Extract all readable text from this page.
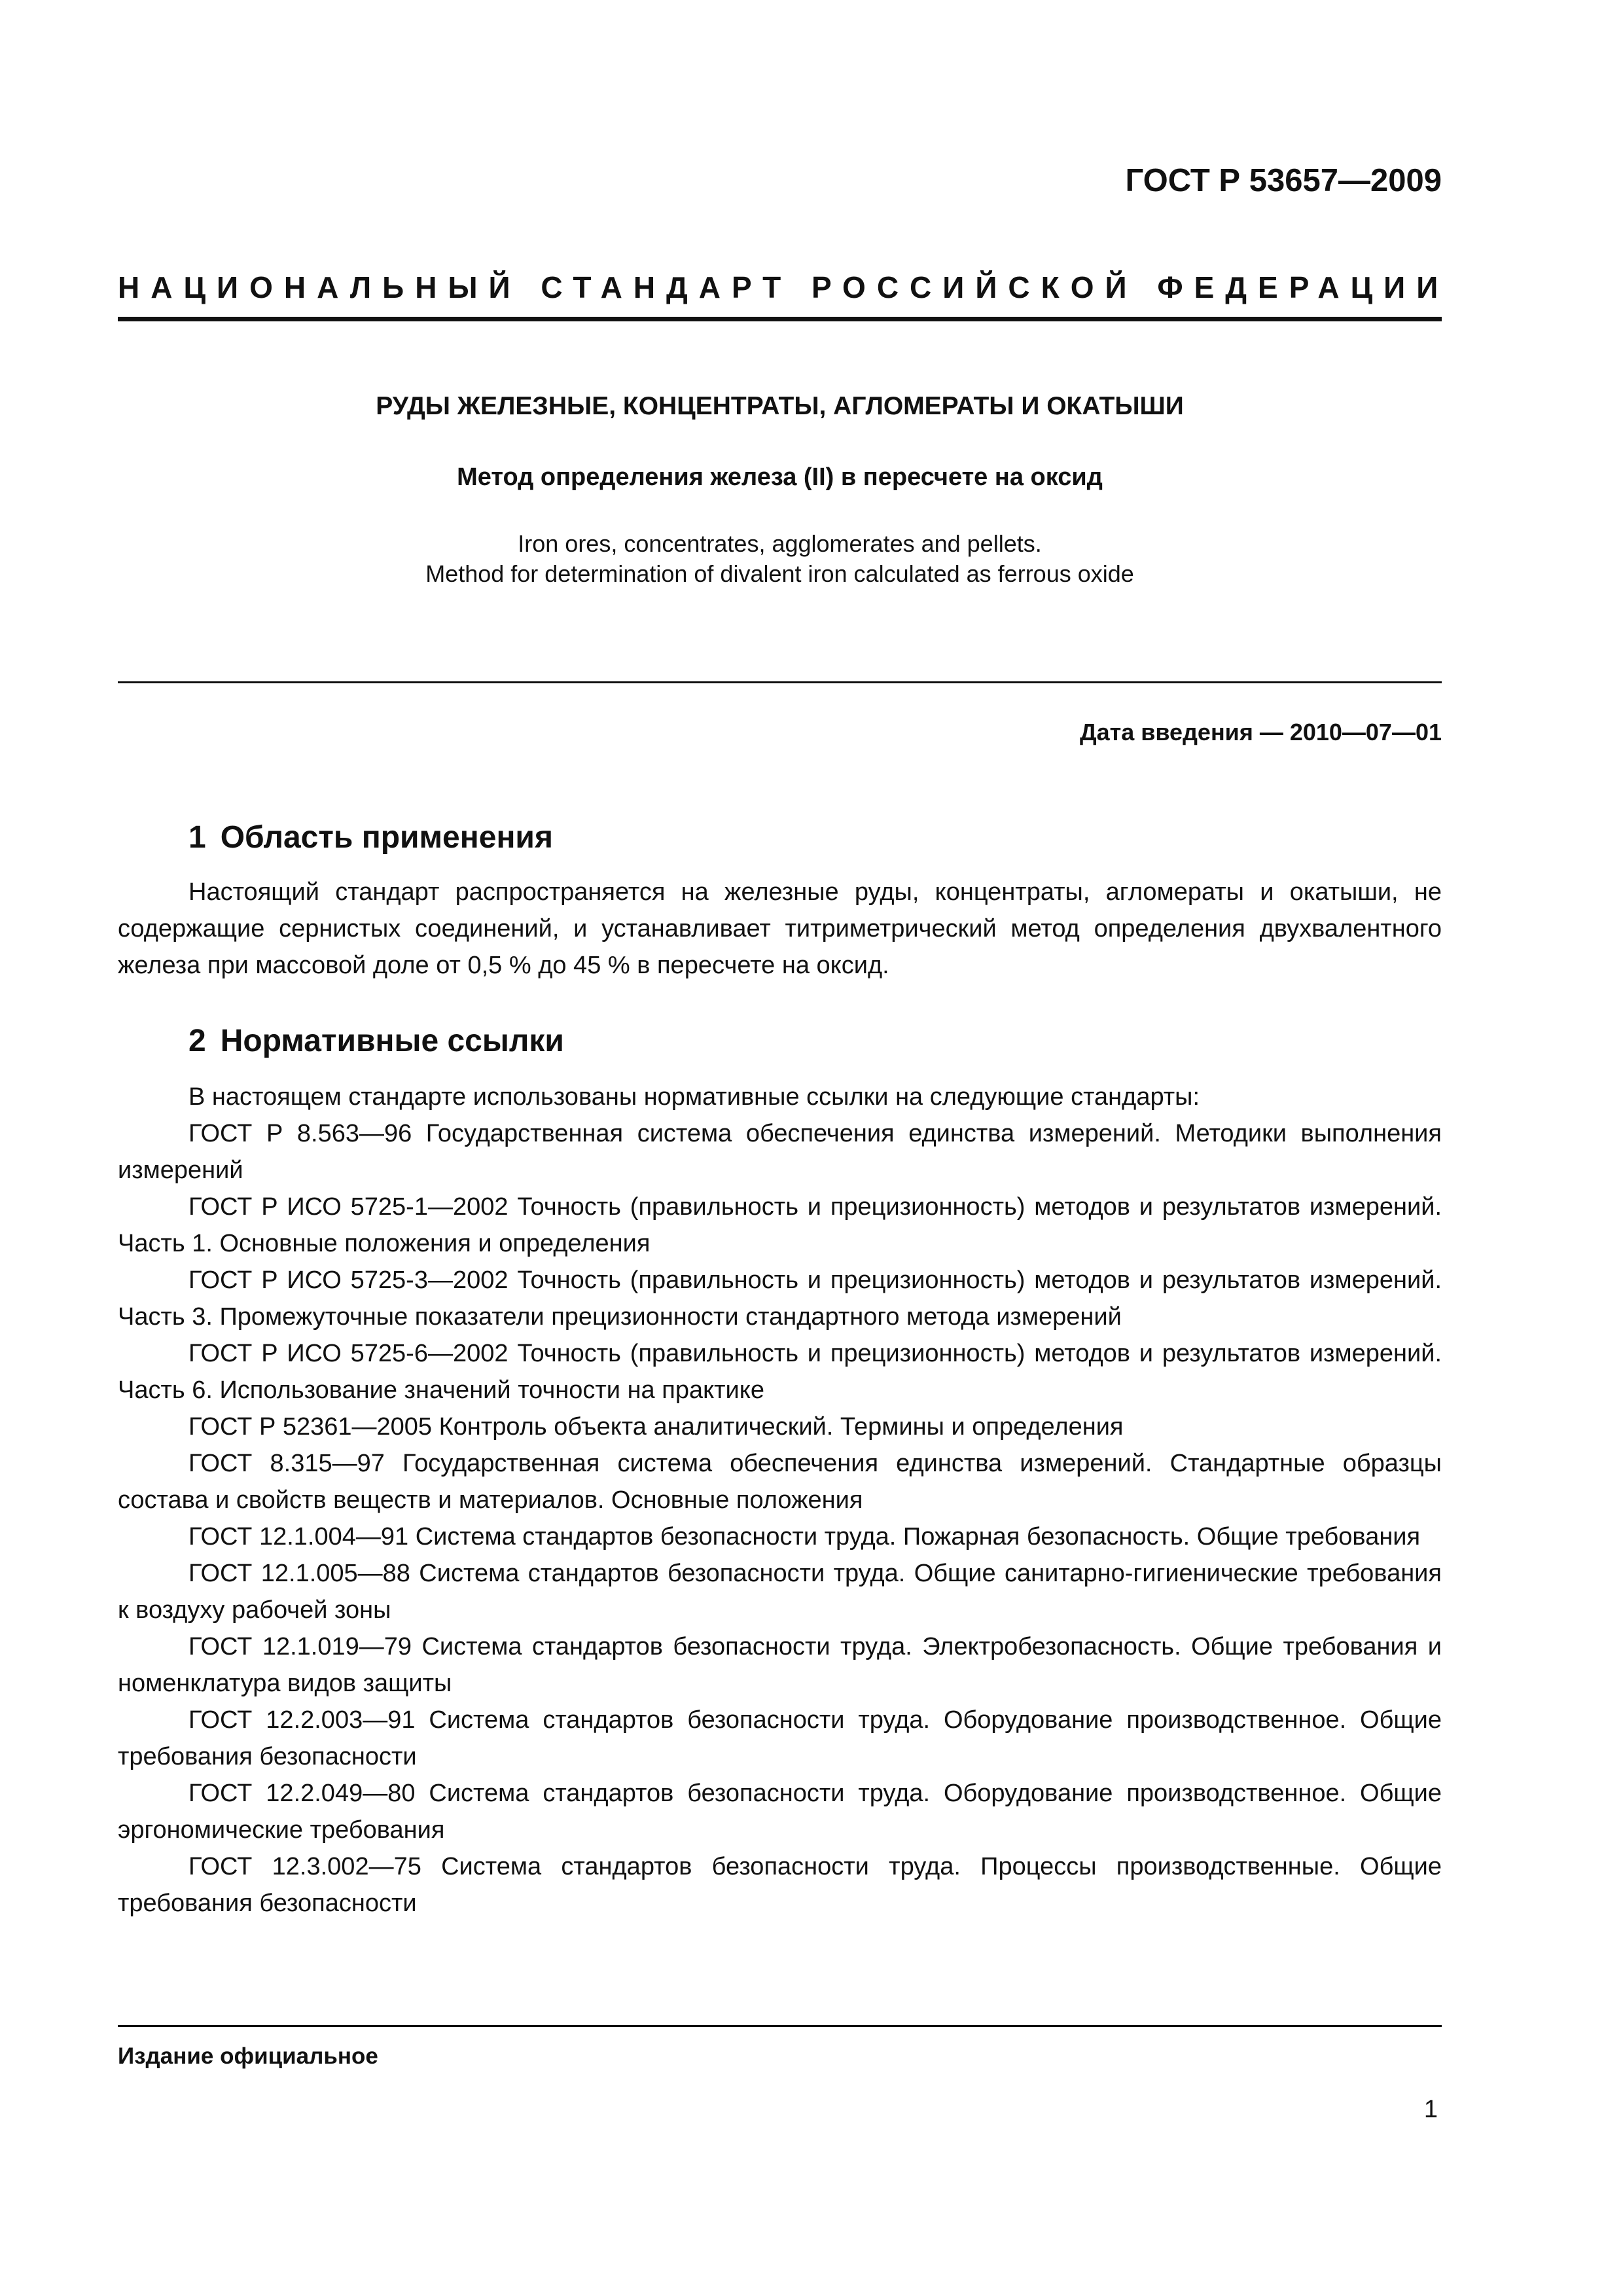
ГОСТ Р 53657—2009

НАЦИОНАЛЬНЫЙ СТАНДАРТ РОССИЙСКОЙ ФЕДЕРАЦИИ

РУДЫ ЖЕЛЕЗНЫЕ, КОНЦЕНТРАТЫ, АГЛОМЕРАТЫ И ОКАТЫШИ
Метод определения железа (II) в пересчете на оксид

Iron ores, concentrates, agglomerates and pellets.
Method for determination of divalent iron calculated as ferrous oxide

Дата введения — 2010—07—01

1 Область применения

Настоящий стандарт распространяется на железные руды, концентраты, агломераты и окатыши, не содержащие сернистых соединений, и устанавливает титриметрический метод определения двухвалентного железа при массовой доле от 0,5 % до 45 % в пересчете на оксид.

2 Нормативные ссылки
В настоящем стандарте использованы нормативные ссылки на следующие стандарты:
ГОСТ Р 8.563—96 Государственная система обеспечения единства измерений. Методики выполнения измерений
ГОСТ Р ИСО 5725-1—2002 Точность (правильность и прецизионность) методов и результатов измерений. Часть 1. Основные положения и определения
ГОСТ Р ИСО 5725-3—2002 Точность (правильность и прецизионность) методов и результатов измерений. Часть 3. Промежуточные показатели прецизионности стандартного метода измерений
ГОСТ Р ИСО 5725-6—2002 Точность (правильность и прецизионность) методов и результатов измерений. Часть 6. Использование значений точности на практике
ГОСТ Р 52361—2005 Контроль объекта аналитический. Термины и определения
ГОСТ 8.315—97 Государственная система обеспечения единства измерений. Стандартные образцы состава и свойств веществ и материалов. Основные положения
ГОСТ 12.1.004—91 Система стандартов безопасности труда. Пожарная безопасность. Общие требования
ГОСТ 12.1.005—88 Система стандартов безопасности труда. Общие санитарно-гигиенические требования к воздуху рабочей зоны
ГОСТ 12.1.019—79 Система стандартов безопасности труда. Электробезопасность. Общие требования и номенклатура видов защиты
ГОСТ 12.2.003—91 Система стандартов безопасности труда. Оборудование производственное. Общие требования безопасности
ГОСТ 12.2.049—80 Система стандартов безопасности труда. Оборудование производственное. Общие эргономические требования
ГОСТ 12.3.002—75 Система стандартов безопасности труда. Процессы производственные. Общие требования безопасности

Издание официальное

1
